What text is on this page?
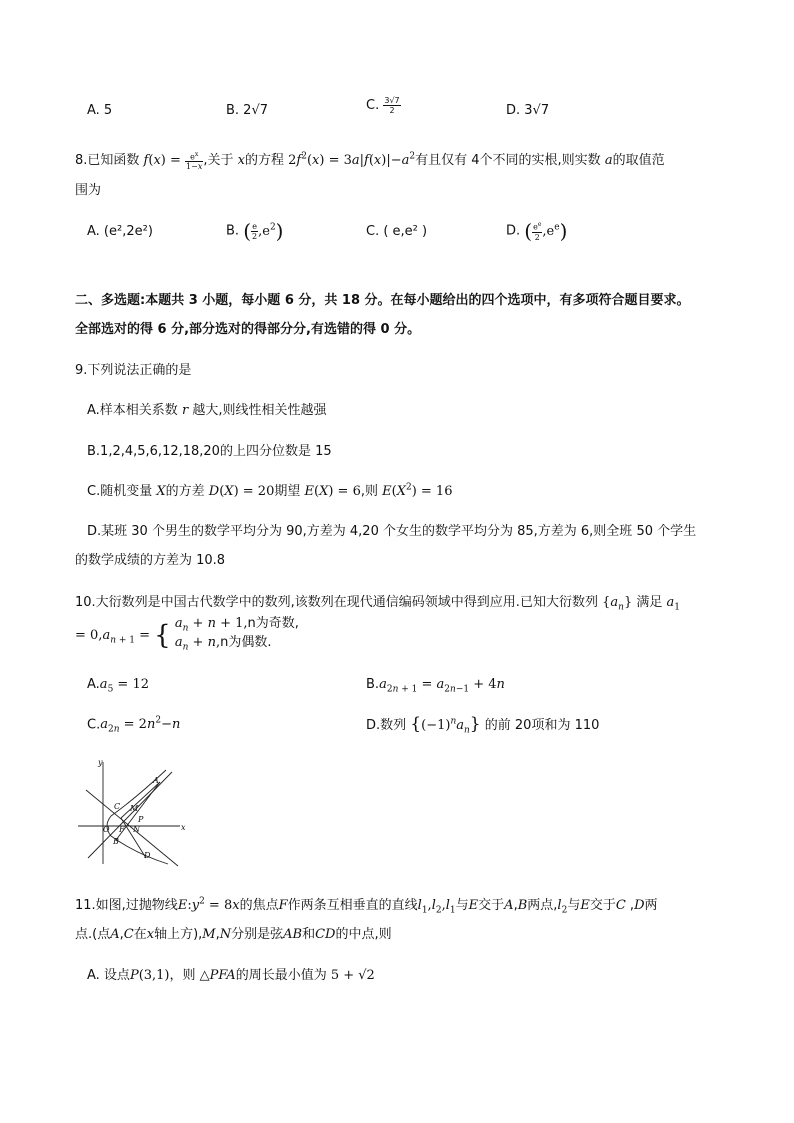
A. 5	B. 2√7	C. $\frac{3√7}{2}$	D. 3√7
8.已知函数 $f(x) = \frac{e^x}{1-x}$ ,关于 x的方程 $2f^2(x) = 3a|f(x)|-a^2$有且仅有 4个不同的实根,则实数 a的取值范
围为
A. (e²,2e²)	B. ( $\frac{e}{2} ,e^2$)	C. ( e,e² )	D. ( $\frac{e^e}{2} ,e^e$)
二、多选题:本题共 3 小题，每小题 6 分，共 18 分。在每小题给出的四个选项中，有多项符合题目要求。
全部选对的得 6 分,部分选对的得部分分,有选错的得 0 分。
9.下列说法正确的是
A.样本相关系数 r 越大,则线性相关性越强
B.1,2,4,5,6,12,18,20的上四分位数是 15
C.随机变量 X的方差 D(X) = 20期望 E(X) = 6,则 $E(X^2) = 16$
D.某班 30 个男生的数学平均分为 90,方差为 4,20 个女生的数学平均分为 85,方差为 6,则全班 50 个学生
的数学成绩的方差为 10.8
10.大衍数列是中国古代数学中的数列,该数列在现代通信编码领域中得到应用.已知大衍数列 $\{a_n\}$ 满足 $a_1$
= $0,a_{n + 1}$ = { $a_n + n + 1,n$为奇数,
$a_n + n,n$为偶数.
$A.a_5 = 12$	$B.a_{2n + 1} = a_{2n-1} + 4n$
$C.a_{2n} = 2n^2-n$	D.数列 $\{(-1)^na_n\}$ 的前 20项和为 110
y
x
O
A
B
C
D
M
N
P
F
11.如图,过抛物线$E:y^2 = 8x$的焦点F作两条互相垂直的直线$l_1,l_2,l_1$与E交于A,B两点$,l_2$与E交于C ,D两
点.(点A,C在x轴上方),M,N分别是弦AB和CD的中点,则
A. 设点P(3,1)，则 △PFA的周长最小值为 5 + √2
